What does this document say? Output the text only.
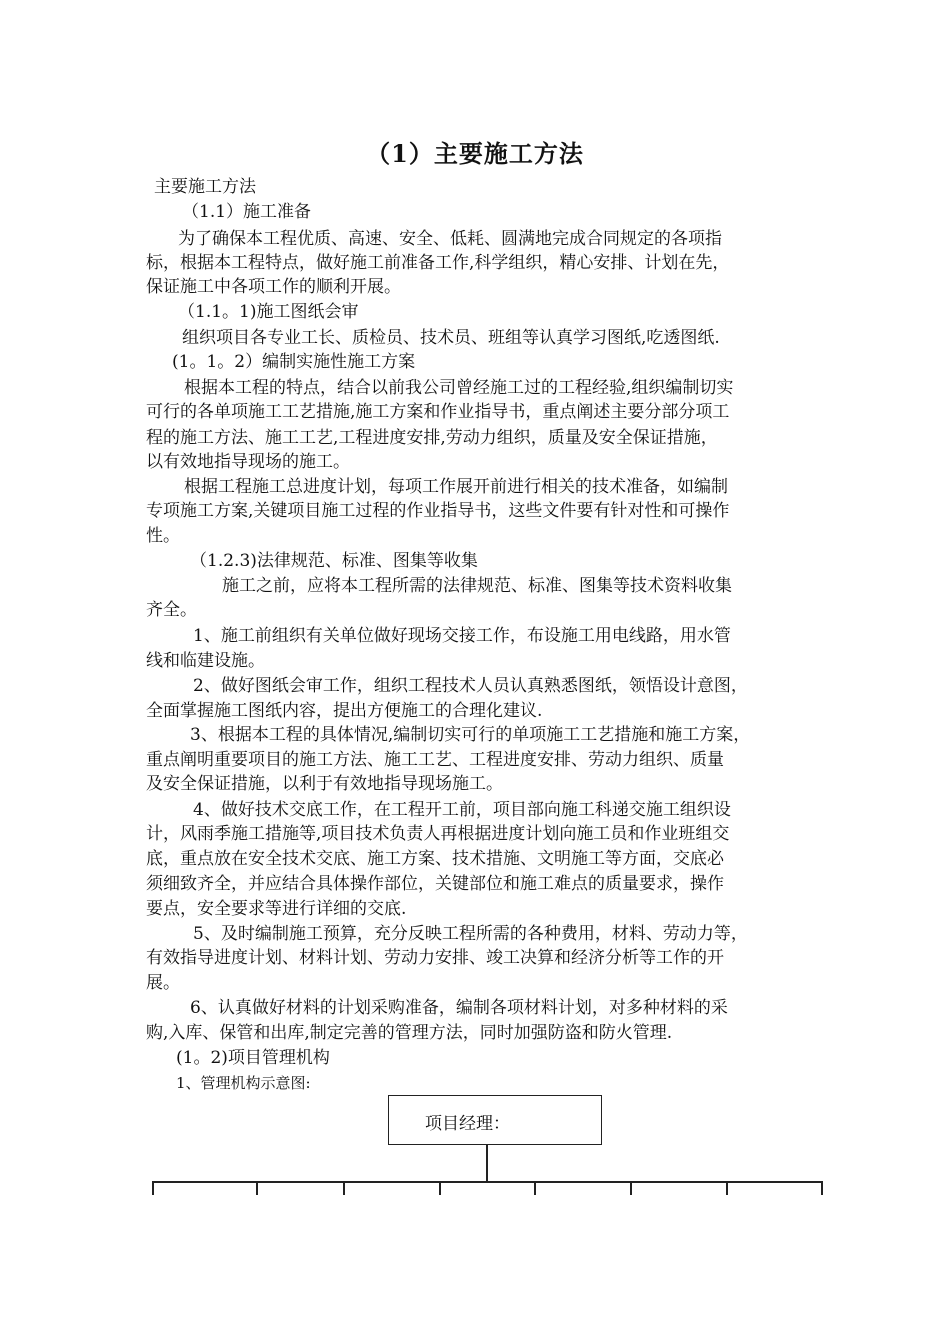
（1）主要施工方法
主要施工方法
（1.1）施工准备
为了确保本工程优质、高速、安全、低耗、圆满地完成合同规定的各项指
标，根据本工程特点，做好施工前准备工作,科学组织，精心安排、计划在先，
保证施工中各项工作的顺利开展。
（1.1。1)施工图纸会审
组织项目各专业工长、质检员、技术员、班组等认真学习图纸,吃透图纸.
(1。1。2）编制实施性施工方案
根据本工程的特点，结合以前我公司曾经施工过的工程经验,组织编制切实
可行的各单项施工工艺措施,施工方案和作业指导书，重点阐述主要分部分项工
程的施工方法、施工工艺,工程进度安排,劳动力组织，质量及安全保证措施，
以有效地指导现场的施工。
根据工程施工总进度计划，每项工作展开前进行相关的技术准备，如编制
专项施工方案,关键项目施工过程的作业指导书，这些文件要有针对性和可操作
性。
（1.2.3)法律规范、标准、图集等收集
施工之前，应将本工程所需的法律规范、标准、图集等技术资料收集
齐全。
1、施工前组织有关单位做好现场交接工作，布设施工用电线路，用水管
线和临建设施。
2、做好图纸会审工作，组织工程技术人员认真熟悉图纸，领悟设计意图，
全面掌握施工图纸内容，提出方便施工的合理化建议.
3、根据本工程的具体情况,编制切实可行的单项施工工艺措施和施工方案，
重点阐明重要项目的施工方法、施工工艺、工程进度安排、劳动力组织、质量
及安全保证措施，以利于有效地指导现场施工。
4、做好技术交底工作，在工程开工前，项目部向施工科递交施工组织设
计，风雨季施工措施等,项目技术负责人再根据进度计划向施工员和作业班组交
底，重点放在安全技术交底、施工方案、技术措施、文明施工等方面，交底必
须细致齐全，并应结合具体操作部位，关键部位和施工难点的质量要求，操作
要点，安全要求等进行详细的交底.
5、及时编制施工预算，充分反映工程所需的各种费用，材料、劳动力等，
有效指导进度计划、材料计划、劳动力安排、竣工决算和经济分析等工作的开
展。
6、认真做好材料的计划采购准备，编制各项材料计划，对多种材料的采
购,入库、保管和出库,制定完善的管理方法，同时加强防盗和防火管理.
(1。2)项目管理机构
1、管理机构示意图:
项目经理：
